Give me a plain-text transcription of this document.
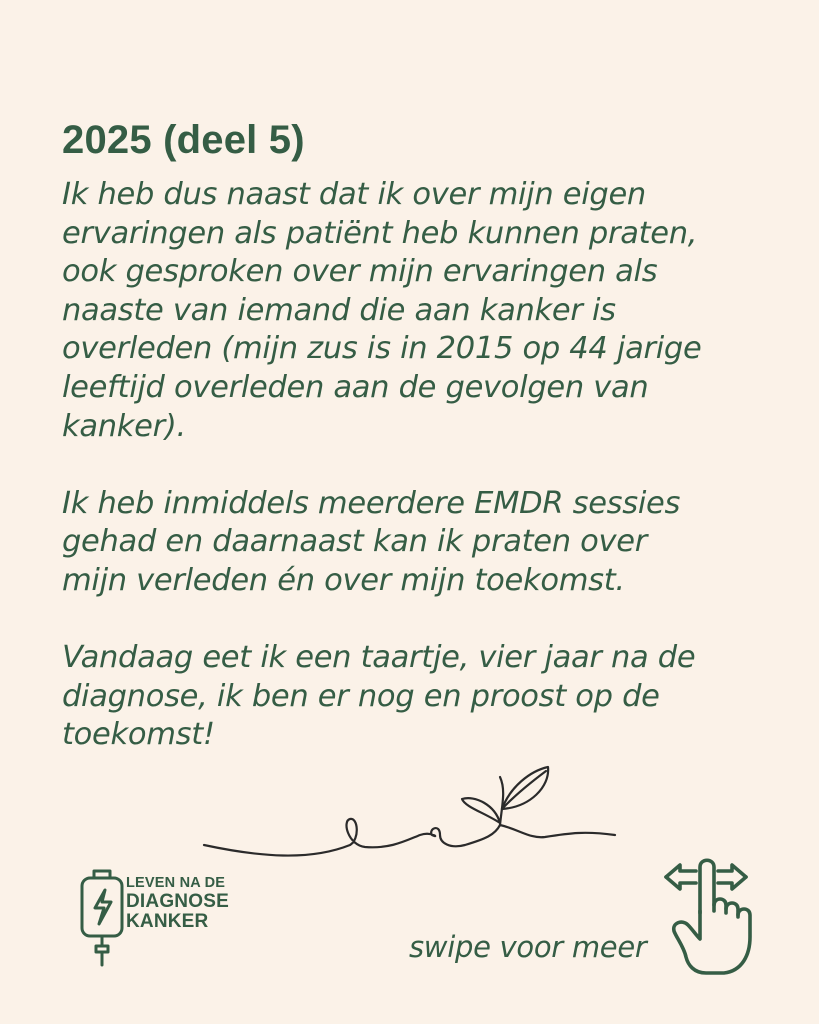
2025 (deel 5)

Ik heb dus naast dat ik over mijn eigen
ervaringen als patiënt heb kunnen praten,
ook gesproken over mijn ervaringen als
naaste van iemand die aan kanker is
overleden (mijn zus is in 2015 op 44 jarige
leeftijd overleden aan de gevolgen van
kanker).

Ik heb inmiddels meerdere EMDR sessies
gehad en daarnaast kan ik praten over
mijn verleden én over mijn toekomst.

Vandaag eet ik een taartje, vier jaar na de
diagnose, ik ben er nog en proost op de
toekomst!

LEVEN NA DE
DIAGNOSE
KANKER
swipe voor meer
